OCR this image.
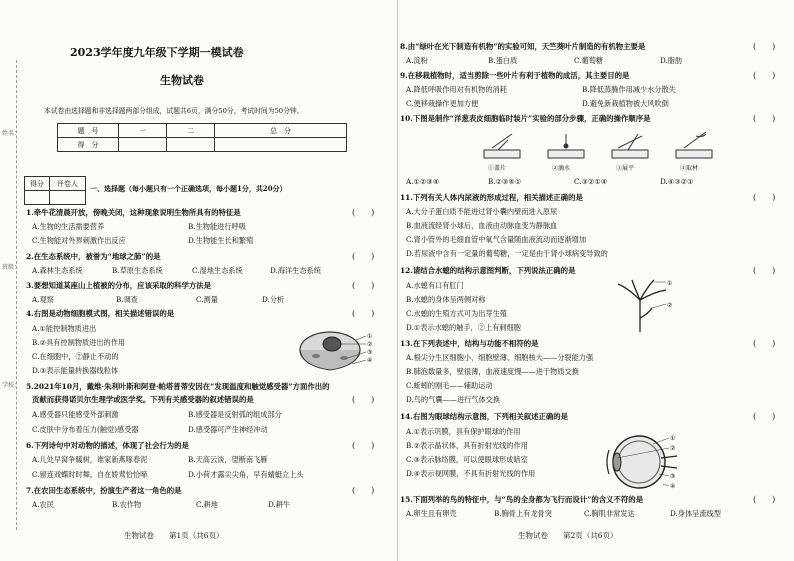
姓名：
班级：
学校：
2023学年度九年级下学期一模试卷
生物试卷
本试卷由选择题和非选择题两部分组成，试题共6页，满分50分，考试时间为50分钟。
题　号	一	二	总　分
得　分			
得分	评卷人

一、选择题（每小题只有一个正确选项，每小题1分，共20分）
1.牵牛花清晨开放，傍晚关闭，这种现象说明生物所具有的特征是	(　　)
A.生物的生活需要营养	B.生物能进行呼吸
C.生物能对外界刺激作出反应	D.生物能生长和繁殖
2.在生态系统中，被誉为“地球之肺”的是	(　　)
A.森林生态系统	B.草原生态系统	C.湿地生态系统	D.海洋生态系统
3.要想知道某座山上植被的分布，应该采取的科学方法是	(　　)
A.观察	B.调查	C.测量	D.分析
4.右图是动物细胞模式图，相关描述错误的是	(　　)
A.①能控制物质进出
B.②具有控制物质进出的作用
C.在细胞中，②静止不动的
D.③表示能量转换器线粒体
①
②
③
④
5.2021年10月，戴维·朱利叶斯和阿登·帕塔普蒂安因在“发现温度和触觉感受器”方面作出的
贡献而获得诺贝尔生理学或医学奖。下列有关感受器的叙述错误的是	(　　)
A.感受器只能感受外部刺激	B.感受器是反射弧的组成部分
C.皮肤中分布着压力(触觉)感受器	D.感受器可产生神经冲动
6.下列诗句中对动物的描述，体现了社会行为的是	(　　)
A.儿处早窝争暖树，谁家新燕啄春泥	B.天高云淡，望断南飞雁
C.留连戏蝶时时舞，自在娇莺恰恰啼	D.小荷才露尖尖角，早有蜻蜓立上头
7.在农田生态系统中，扮演生产者这一角色的是	(　　)
A.农民	B.农作物	C.耕地	D.耕牛
生物试卷　　第1页（共6页）
8.由“绿叶在光下制造有机物”的实验可知，天竺葵叶片制造的有机物主要是	(　　)
A.淀粉	B.蛋白质	C.葡萄糖	D.脂肪
9.在移栽植物时，适当剪除一些叶片有利于植物的成活，其主要目的是	(　　)
A.降低呼吸作用对有机物的消耗	B.降低蒸腾作用减少水分散失
C.便移栽操作更加方便	D.避免新栽植物被大风吹倒
10.下图是制作“洋葱表皮细胞临时装片”实验的部分步骤，正确的操作顺序是	(　　)
①盖片	②滴水	③展平	④取材
A.①②③④	B.②③④①	C.③②①④	D.④③②①
11.下列有关人体内尿液的形成过程，相关描述正确的是	(　　)
A.大分子蛋白质不能进过肾小囊内壁而进入原尿
B.血液流经肾小球后，血液由动脉血变为静脉血
C.肾小管外的毛细血管中氧气含量随血液流动而逐渐增加
D.若尿液中含有一定量的葡萄糖，一定是由于肾小球病变导致的
12.请结合水螅的结构示意图判断，下列说法正确的是	(　　)
A.水螅有口有肛门
B.水螅的身体呈两侧对称
C.水螅的生殖方式可为出芽生殖
D.①表示水螅的触手，②上有刺细胞
①
②
13.在下列表述中，结构与功能不相符的是	(　　)
A.根尖分生区细胞小、细胞壁薄、细胞核大——分裂能力强
B.肺泡数量多，壁很薄，血液速度慢——进于物质交换
C.蚯蚓的刚毛——辅助运动
D.鸟的气囊——进行气体交换
14.右图为眼球结构示意图，下列相关叙述正确的是	(　　)
A.①表示巩膜，具有保护眼球的作用
B.②表示晶状体，具有折射光线的作用
C.③表示脉络膜，可以使眼球形成暗室
D.④表示视网膜，不具有折射光线的作用
①
②
③
④
15.下面列举的鸟的特征中，与“鸟的全身都为飞行而设计”的含义不符的是	(　　)
A.卵生且有卵壳	B.胸骨上有龙骨突	C.胸肌非常发达	D.身体呈流线型
生物试卷　　第2页（共6页）
